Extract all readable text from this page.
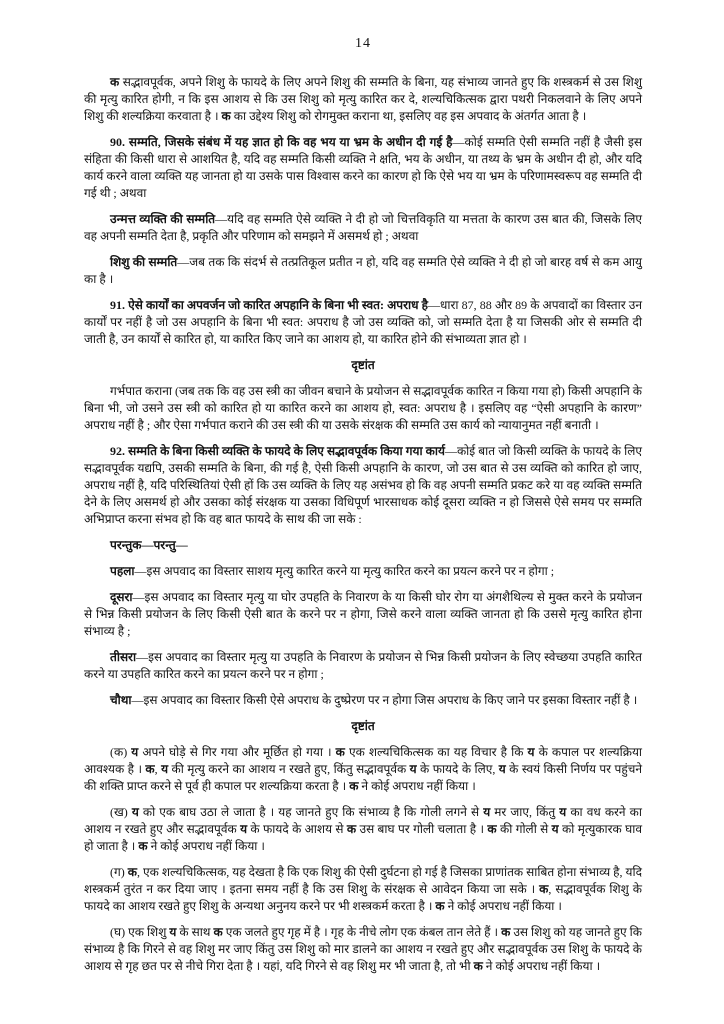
14

क सद्भावपूर्वक, अपने शिशु के फायदे के लिए अपने शिशु की सम्मति के बिना, यह संभाव्य जानते हुए कि शस्त्रकर्म से उस शिशु की मृत्यु कारित होगी, न कि इस आशय से कि उस शिशु को मृत्यु कारित कर दे, शल्यचिकित्सक द्वारा पथरी निकलवाने के लिए अपने शिशु की शल्यक्रिया करवाता है । क का उद्देश्य शिशु को रोगमुक्त कराना था, इसलिए वह इस अपवाद के अंतर्गत आता है ।

90. सम्मति, जिसके संबंध में यह ज्ञात हो कि वह भय या भ्रम के अधीन दी गई है—कोई सम्मति ऐसी सम्मति नहीं है जैसी इस संहिता की किसी धारा से आशयित है, यदि वह सम्मति किसी व्यक्ति ने क्षति, भय के अधीन, या तथ्य के भ्रम के अधीन दी हो, और यदि कार्य करने वाला व्यक्ति यह जानता हो या उसके पास विश्वास करने का कारण हो कि ऐसे भय या भ्रम के परिणामस्वरूप वह सम्मति दी गई थी ; अथवा

उन्मत्त व्यक्ति की सम्मति—यदि वह सम्मति ऐसे व्यक्ति ने दी हो जो चित्तविकृति या मत्तता के कारण उस बात की, जिसके लिए वह अपनी सम्मति देता है, प्रकृति और परिणाम को समझने में असमर्थ हो ; अथवा

शिशु की सम्मति—जब तक कि संदर्भ से तत्प्रतिकूल प्रतीत न हो, यदि वह सम्मति ऐसे व्यक्ति ने दी हो जो बारह वर्ष से कम आयु का है ।

91. ऐसे कार्यों का अपवर्जन जो कारित अपहानि के बिना भी स्वत: अपराध है—धारा 87, 88 और 89 के अपवादों का विस्तार उन कार्यों पर नहीं है जो उस अपहानि के बिना भी स्वत: अपराध है जो उस व्यक्ति को, जो सम्मति देता है या जिसकी ओर से सम्मति दी जाती है, उन कार्यों से कारित हो, या कारित किए जाने का आशय हो, या कारित होने की संभाव्यता ज्ञात हो ।

दृष्टांत

गर्भपात कराना (जब तक कि वह उस स्त्री का जीवन बचाने के प्रयोजन से सद्भावपूर्वक कारित न किया गया हो) किसी अपहानि के बिना भी, जो उसने उस स्त्री को कारित हो या कारित करने का आशय हो, स्वत: अपराध है । इसलिए वह “ऐसी अपहानि के कारण” अपराध नहीं है ; और ऐसा गर्भपात कराने की उस स्त्री की या उसके संरक्षक की सम्मति उस कार्य को न्यायानुमत नहीं बनाती ।

92. सम्मति के बिना किसी व्यक्ति के फायदे के लिए सद्भावपूर्वक किया गया कार्य—कोई बात जो किसी व्यक्ति के फायदे के लिए सद्भावपूर्वक यद्यपि, उसकी सम्मति के बिना, की गई है, ऐसी किसी अपहानि के कारण, जो उस बात से उस व्यक्ति को कारित हो जाए, अपराध नहीं है, यदि परिस्थितियां ऐसी हों कि उस व्यक्ति के लिए यह असंभव हो कि वह अपनी सम्मति प्रकट करे या वह व्यक्ति सम्मति देने के लिए असमर्थ हो और उसका कोई संरक्षक या उसका विधिपूर्ण भारसाधक कोई दूसरा व्यक्ति न हो जिससे ऐसे समय पर सम्मति अभिप्राप्त करना संभव हो कि वह बात फायदे के साथ की जा सके :

परन्तुक—परन्तु—

पहला—इस अपवाद का विस्तार साशय मृत्यु कारित करने या मृत्यु कारित करने का प्रयत्न करने पर न होगा ;

दूसरा—इस अपवाद का विस्तार मृत्यु या घोर उपहति के निवारण के या किसी घोर रोग या अंगशैथिल्य से मुक्त करने के प्रयोजन से भिन्न किसी प्रयोजन के लिए किसी ऐसी बात के करने पर न होगा, जिसे करने वाला व्यक्ति जानता हो कि उससे मृत्यु कारित होना संभाव्य है ;

तीसरा—इस अपवाद का विस्तार मृत्यु या उपहति के निवारण के प्रयोजन से भिन्न किसी प्रयोजन के लिए स्वेच्छया उपहति कारित करने या उपहति कारित करने का प्रयत्न करने पर न होगा ;

चौथा—इस अपवाद का विस्तार किसी ऐसे अपराध के दुष्प्रेरण पर न होगा जिस अपराध के किए जाने पर इसका विस्तार नहीं है ।

दृष्टांत

(क) य अपने घोड़े से गिर गया और मूर्छित हो गया । क एक शल्यचिकित्सक का यह विचार है कि य के कपाल पर शल्यक्रिया आवश्यक है । क, य की मृत्यु करने का आशय न रखते हुए, किंतु सद्भावपूर्वक य के फायदे के लिए, य के स्वयं किसी निर्णय पर पहुंचने की शक्ति प्राप्त करने से पूर्व ही कपाल पर शल्यक्रिया करता है । क ने कोई अपराध नहीं किया ।

(ख) य को एक बाघ उठा ले जाता है । यह जानते हुए कि संभाव्य है कि गोली लगने से य मर जाए, किंतु य का वध करने का आशय न रखते हुए और सद्भावपूर्वक य के फायदे के आशय से क उस बाघ पर गोली चलाता है । क की गोली से य को मृत्युकारक घाव हो जाता है । क ने कोई अपराध नहीं किया ।

(ग) क, एक शल्यचिकित्सक, यह देखता है कि एक शिशु की ऐसी दुर्घटना हो गई है जिसका प्राणांतक साबित होना संभाव्य है, यदि शस्त्रकर्म तुरंत न कर दिया जाए । इतना समय नहीं है कि उस शिशु के संरक्षक से आवेदन किया जा सके । क, सद्भावपूर्वक शिशु के फायदे का आशय रखते हुए शिशु के अन्यथा अनुनय करने पर भी शस्त्रकर्म करता है । क ने कोई अपराध नहीं किया ।

(घ) एक शिशु य के साथ क एक जलते हुए गृह में है । गृह के नीचे लोग एक कंबल तान लेते हैं । क उस शिशु को यह जानते हुए कि संभाव्य है कि गिरने से वह शिशु मर जाए किंतु उस शिशु को मार डालने का आशय न रखते हुए और सद्भावपूर्वक उस शिशु के फायदे के आशय से गृह छत पर से नीचे गिरा देता है । यहां, यदि गिरने से वह शिशु मर भी जाता है, तो भी क ने कोई अपराध नहीं किया ।
